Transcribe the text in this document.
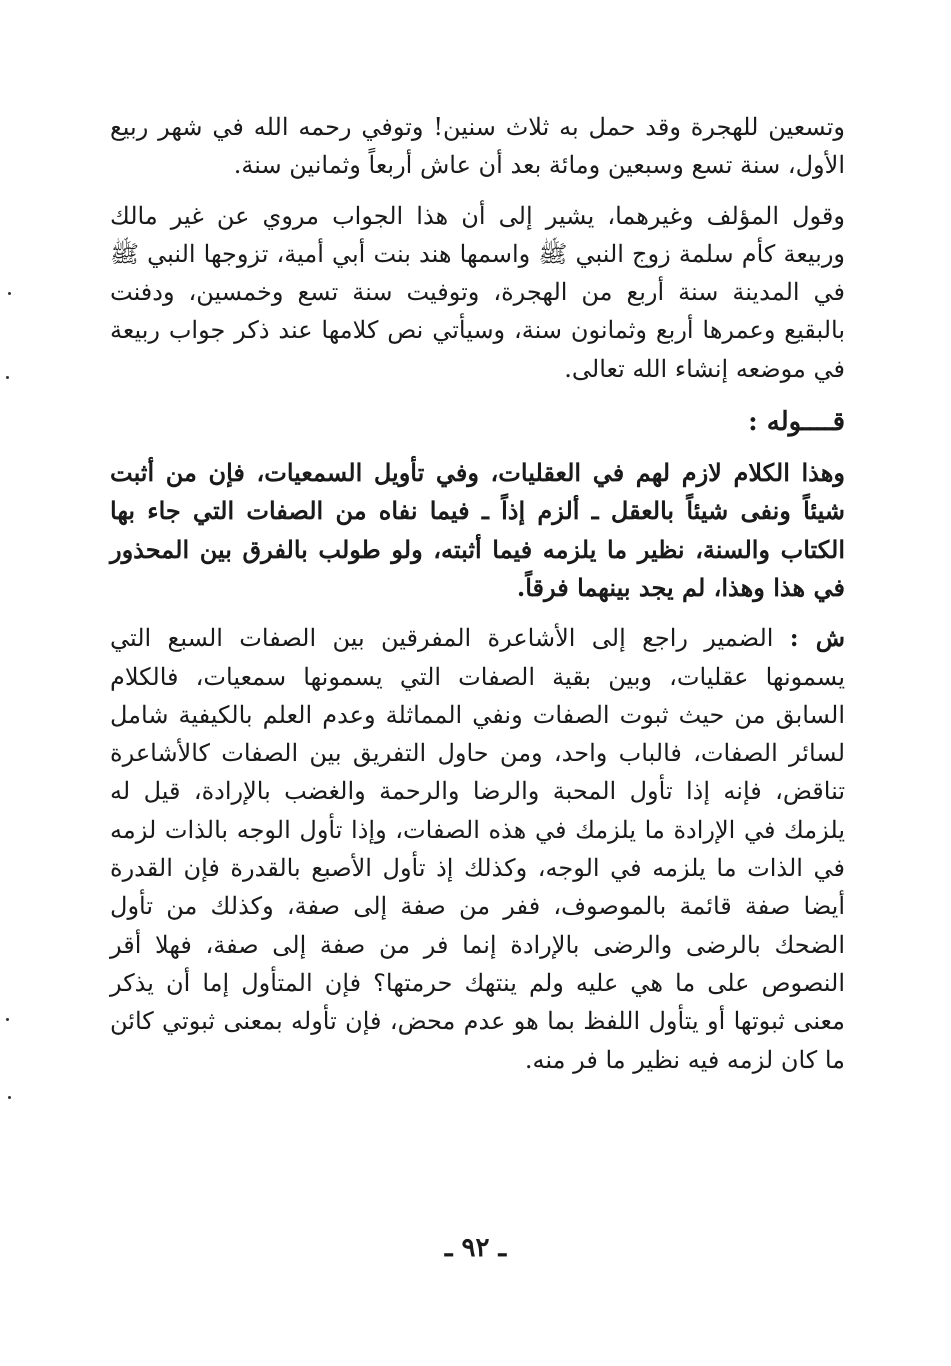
وتسعين للهجرة وقد حمل به ثلاث سنين! وتوفي رحمه الله في شهر ربيع الأول، سنة تسع وسبعين ومائة بعد أن عاش أربعاً وثمانين سنة.

وقول المؤلف وغيرهما، يشير إلى أن هذا الجواب مروي عن غير مالك وربيعة كأم سلمة زوج النبي ﷺ واسمها هند بنت أبي أمية، تزوجها النبي ﷺ في المدينة سنة أربع من الهجرة، وتوفيت سنة تسع وخمسين، ودفنت بالبقيع وعمرها أربع وثمانون سنة، وسيأتي نص كلامها عند ذكر جواب ربيعة في موضعه إنشاء الله تعالى.

قــــوله :

وهذا الكلام لازم لهم في العقليات، وفي تأويل السمعيات، فإن من أثبت شيئاً ونفى شيئاً بالعقل ـ ألزم إذاً ـ فيما نفاه من الصفات التي جاء بها الكتاب والسنة، نظير ما يلزمه فيما أثبته، ولو طولب بالفرق بين المحذور في هذا وهذا، لم يجد بينهما فرقاً.

ش : الضمير راجع إلى الأشاعرة المفرقين بين الصفات السبع التي يسمونها عقليات، وبين بقية الصفات التي يسمونها سمعيات، فالكلام السابق من حيث ثبوت الصفات ونفي المماثلة وعدم العلم بالكيفية شامل لسائر الصفات، فالباب واحد، ومن حاول التفريق بين الصفات كالأشاعرة تناقض، فإنه إذا تأول المحبة والرضا والرحمة والغضب بالإرادة، قيل له يلزمك في الإرادة ما يلزمك في هذه الصفات، وإذا تأول الوجه بالذات لزمه في الذات ما يلزمه في الوجه، وكذلك إذ تأول الأصبع بالقدرة فإن القدرة أيضا صفة قائمة بالموصوف، ففر من صفة إلى صفة، وكذلك من تأول الضحك بالرضى والرضى بالإرادة إنما فر من صفة إلى صفة، فهلا أقر النصوص على ما هي عليه ولم ينتهك حرمتها؟ فإن المتأول إما أن يذكر معنى ثبوتها أو يتأول اللفظ بما هو عدم محض، فإن تأوله بمعنى ثبوتي كائن ما كان لزمه فيه نظير ما فر منه.

ـ ٩٢ ـ
